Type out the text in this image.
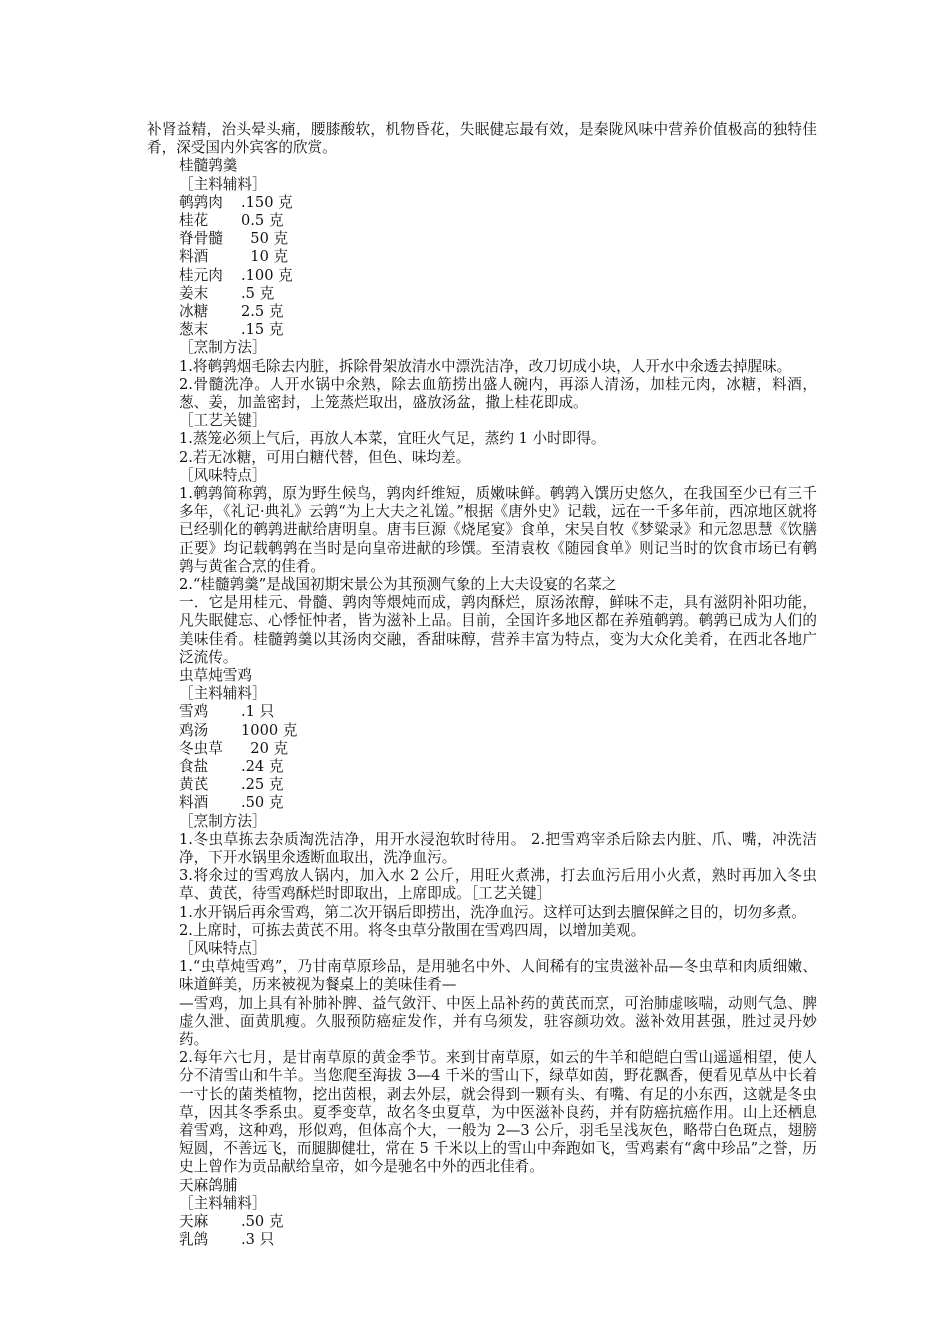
补肾益精，治头晕头痛，腰膝酸软，机物昏花，失眠健忘最有效，是秦陇风味中营养价值极高的独特佳肴，深受国内外宾客的欣赏。

桂髓鹑羹
［主料辅料］
鹌鹑肉 .150 克
桂花 0.5 克
脊骨髓  50 克
料酒  10 克
桂元肉 .100 克
姜末 .5 克
冰糖 2.5 克
葱末 .15 克
［烹制方法］

1.将鹌鹑烟毛除去内脏，拆除骨架放清水中漂洗洁净，改刀切成小块，人开水中氽透去掉腥味。

2.骨髓洗净。人开水锅中氽熟，除去血筋捞出盛人碗内，再添人清汤，加桂元肉，冰糖，料酒，葱、姜，加盖密封，上笼蒸烂取出，盛放汤盆，撒上桂花即成。

［工艺关键］

1.蒸笼必须上气后，再放人本菜，宜旺火气足，蒸约 1 小时即得。

2.若无冰糖，可用白糖代替，但色、味均差。

［风味特点］

1.鹌鹑简称鹑，原为野生候鸟，鹑肉纤维短，质嫩味鲜。鹌鹑入馔历史悠久，在我国至少已有三千多年，《礼记·典礼》云鹑“为上大夫之礼馐。”根据《唐外史》记载，远在一千多年前，西凉地区就将已经驯化的鹌鹑进献给唐明皇。唐韦巨源《烧尾宴》食单，宋吴自牧《梦粱录》和元忽思慧《饮膳正要》均记载鹌鹑在当时是向皇帝进献的珍馔。至清袁枚《随园食单》则记当时的饮食市场已有鹌鹑与黄雀合烹的佳肴。

2.“桂髓鹑羹”是战国初期宋景公为其预测气象的上大夫设宴的名菜之

一．它是用桂元、骨髓、鹑肉等煨炖而成，鹑肉酥烂，原汤浓醇，鲜味不走，具有滋阴补阳功能，凡失眠健忘、心悸怔忡者，皆为滋补上品。目前，全国许多地区都在养殖鹌鹑。鹌鹑已成为人们的美味佳肴。桂髓鹑羹以其汤肉交融，香甜味醇，营养丰富为特点，变为大众化美肴，在西北各地广泛流传。

虫草炖雪鸡
［主料辅料］
雪鸡 .1 只
鸡汤 1000 克
冬虫草  20 克
食盐 .24 克
黄芪 .25 克
料酒 .50 克
［烹制方法］

1.冬虫草拣去杂质淘洗洁净，用开水浸泡软时待用。 2.把雪鸡宰杀后除去内脏、爪、嘴，冲洗洁净，下开水锅里氽透断血取出，洗净血污。

3.将氽过的雪鸡放人锅内，加入水 2 公斤，用旺火煮沸，打去血污后用小火煮，熟时再加入冬虫草、黄芪，待雪鸡酥烂时即取出，上席即成。［工艺关键］

1.水开锅后再氽雪鸡，第二次开锅后即捞出，洗净血污。这样可达到去膻保鲜之目的，切勿多煮。

2.上席时，可拣去黄芪不用。将冬虫草分散围在雪鸡四周，以增加美观。

［风味特点］

1.“虫草炖雪鸡”，乃甘南草原珍品，是用驰名中外、人间稀有的宝贵滋补品—冬虫草和肉质细嫩、味道鲜美，历来被视为餐桌上的美味佳肴—

—雪鸡，加上具有补肺补脾、益气敛汗、中医上品补药的黄芪而烹，可治肺虚咳喘，动则气急、脾虚久泄、面黄肌瘦。久服预防癌症发作，并有乌须发，驻容颜功效。滋补效用甚强，胜过灵丹妙药。

2.每年六七月，是甘南草原的黄金季节。来到甘南草原，如云的牛羊和皑皑白雪山遥遥相望，使人分不清雪山和牛羊。当您爬至海拔 3—4 千米的雪山下，绿草如茵，野花飘香，便看见草丛中长着一寸长的菌类植物，挖出茵根，剥去外层，就会得到一颗有头、有嘴、有足的小东西，这就是冬虫草，因其冬季系虫。夏季变草，故名冬虫夏草，为中医滋补良药，并有防癌抗癌作用。山上还栖息着雪鸡，这种鸡，形似鸡，但体高个大，一般为 2—3 公斤，羽毛呈浅灰色，略带白色斑点，翅膀短圆，不善远飞，而腿脚健壮，常在 5 千米以上的雪山中奔跑如飞，雪鸡素有“禽中珍品”之誉，历史上曾作为贡品献给皇帝，如今是驰名中外的西北佳肴。

天麻鸽脯
［主料辅料］
天麻 .50 克
乳鸽 .3 只
